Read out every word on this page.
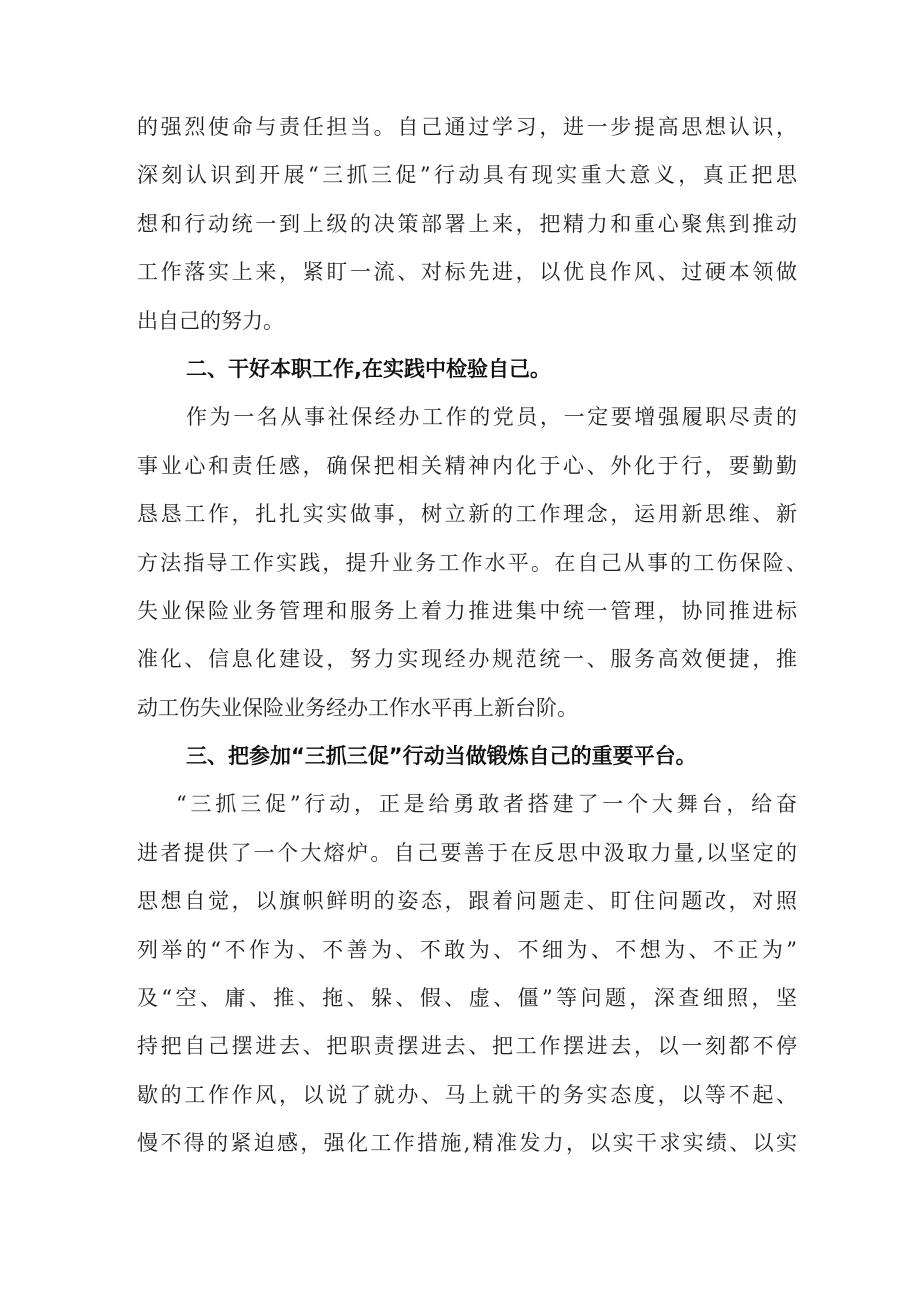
的强烈使命与责任担当。自己通过学习，进一步提高思想认识，
深刻认识到开展“三抓三促”行动具有现实重大意义，真正把思
想和行动统一到上级的决策部署上来，把精力和重心聚焦到推动
工作落实上来，紧盯一流、对标先进，以优良作风、过硬本领做
出自己的努力。
二、干好本职工作,在实践中检验自己。
作为一名从事社保经办工作的党员，一定要增强履职尽责的
事业心和责任感，确保把相关精神内化于心、外化于行，要勤勤
恳恳工作，扎扎实实做事，树立新的工作理念，运用新思维、新
方法指导工作实践，提升业务工作水平。在自己从事的工伤保险、
失业保险业务管理和服务上着力推进集中统一管理，协同推进标
准化、信息化建设，努力实现经办规范统一、服务高效便捷，推
动工伤失业保险业务经办工作水平再上新台阶。
三、把参加“三抓三促”行动当做锻炼自己的重要平台。
“三抓三促”行动，正是给勇敢者搭建了一个大舞台，给奋
进者提供了一个大熔炉。自己要善于在反思中汲取力量,以坚定的
思想自觉，以旗帜鲜明的姿态，跟着问题走、盯住问题改，对照
列举的“不作为、不善为、不敢为、不细为、不想为、不正为”
及“空、庸、推、拖、躲、假、虚、僵”等问题，深查细照，坚
持把自己摆进去、把职责摆进去、把工作摆进去，以一刻都不停
歇的工作作风，以说了就办、马上就干的务实态度，以等不起、
慢不得的紧迫感，强化工作措施,精准发力，以实干求实绩、以实
